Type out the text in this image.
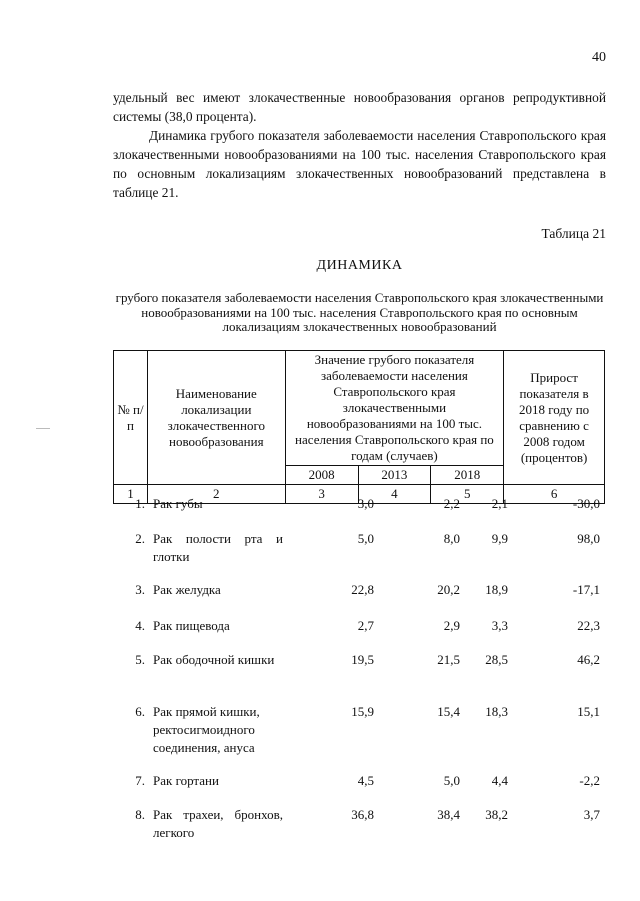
40
удельный вес имеют злокачественные новообразования органов репродуктивной системы (38,0 процента).
Динамика грубого показателя заболеваемости населения Ставропольского края злокачественными новообразованиями на 100 тыс. населения Ставропольского края по основным локализациям злокачественных новообразований представлена в таблице 21.
Таблица 21
ДИНАМИКА
грубого показателя заболеваемости населения Ставропольского края злокачественными новообразованиями на 100 тыс. населения Ставропольского края по основным локализациям злокачественных новообразований
№ п/п	Наименование локализации злокачественного новообразования	Значение грубого показателя заболеваемости населения Ставропольского края злокачественными новообразованиями на 100 тыс. населения Ставропольского края по годам (случаев)			Прирост показателя в 2018 году по сравнению с 2008 годом (процентов)
		2008	2013	2018	
1	2	3	4	5	6
1. Рак губы	3,0	2,2	2,1	-30,0
2. Рак полости рта и глотки
5,0	8,0	9,9	98,0
3. Рак желудка	22,8	20,2	18,9	-17,1
4. Рак пищевода	2,7	2,9	3,3	22,3
5. Рак ободочной кишки	19,5	21,5	28,5	46,2
6. Рак прямой кишки, ректосигмоидного соединения, ануса
15,9	15,4	18,3	15,1
7. Рак гортани	4,5	5,0	4,4	-2,2
8. Рак трахеи, бронхов, легкого
36,8	38,4	38,2	3,7
